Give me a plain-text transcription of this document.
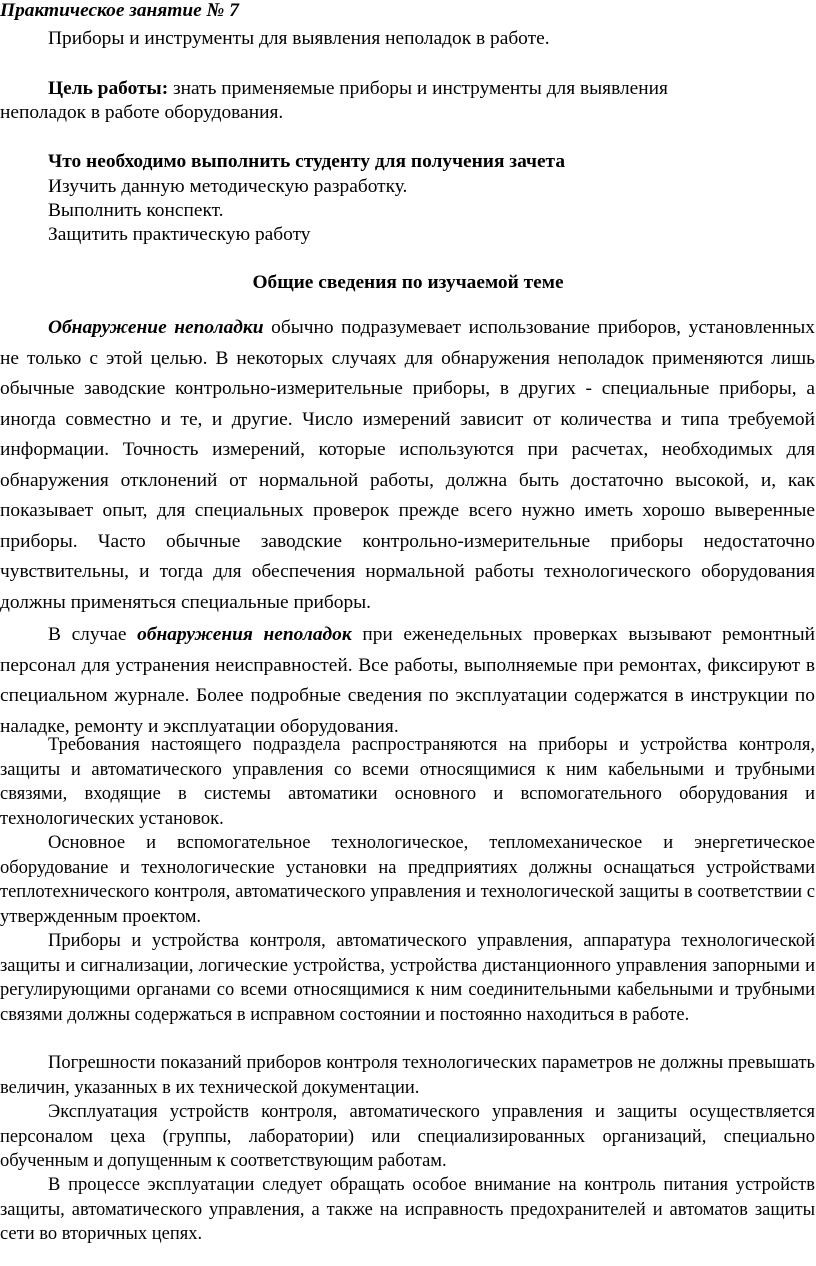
Практическое занятие № 7
Приборы и инструменты для выявления неполадок в работе.
Цель работы: знать применяемые приборы и инструменты для выявления
неполадок в работе оборудования.
Что необходимо выполнить студенту для получения зачета
Изучить данную методическую разработку.
Выполнить конспект.
Защитить практическую работу
Общие сведения по изучаемой теме

Обнаружение неполадки обычно подразумевает использование приборов, установленных не только с этой целью. В некоторых случаях для обнаружения неполадок применяются лишь обычные заводские контрольно-измерительные приборы, в других - специальные приборы, а иногда совместно и те, и другие. Число измерений зависит от количества и типа требуемой информации. Точность измерений, которые используются при расчетах, необходимых для обнаружения отклонений от нормальной работы, должна быть достаточно высокой, и, как показывает опыт, для специальных проверок прежде всего нужно иметь хорошо выверенные приборы. Часто обычные заводские контрольно-измерительные приборы недостаточно чувствительны, и тогда для обеспечения нормальной работы технологического оборудования должны применяться специальные приборы.

В случае обнаружения неполадок при еженедельных проверках вызывают ремонтный персонал для устранения неисправностей. Все работы, выполняемые при ремонтах, фиксируют в специальном журнале. Более подробные сведения по эксплуатации содержатся в инструкции по наладке, ремонту и эксплуатации оборудования.

Требования настоящего подраздела распространяются на приборы и устройства контроля, защиты и автоматического управления со всеми относящимися к ним кабельными и трубными связями, входящие в системы автоматики основного и вспомогательного оборудования и технологических установок.

Основное и вспомогательное технологическое, тепломеханическое и энергетическое оборудование и технологические установки на предприятиях должны оснащаться устройствами теплотехнического контроля, автоматического управления и технологической защиты в соответствии с утвержденным проектом.

Приборы и устройства контроля, автоматического управления, аппаратура технологической защиты и сигнализации, логические устройства, устройства дистанционного управления запорными и регулирующими органами со всеми относящимися к ним соединительными кабельными и трубными связями должны содержаться в исправном состоянии и постоянно находиться в работе.

Погрешности показаний приборов контроля технологических параметров не должны превышать величин, указанных в их технической документации.

Эксплуатация устройств контроля, автоматического управления и защиты осуществляется персоналом цеха (группы, лаборатории) или специализированных организаций, специально обученным и допущенным к соответствующим работам.

В процессе эксплуатации следует обращать особое внимание на контроль питания устройств защиты, автоматического управления, а также на исправность предохранителей и автоматов защиты сети во вторичных цепях.
